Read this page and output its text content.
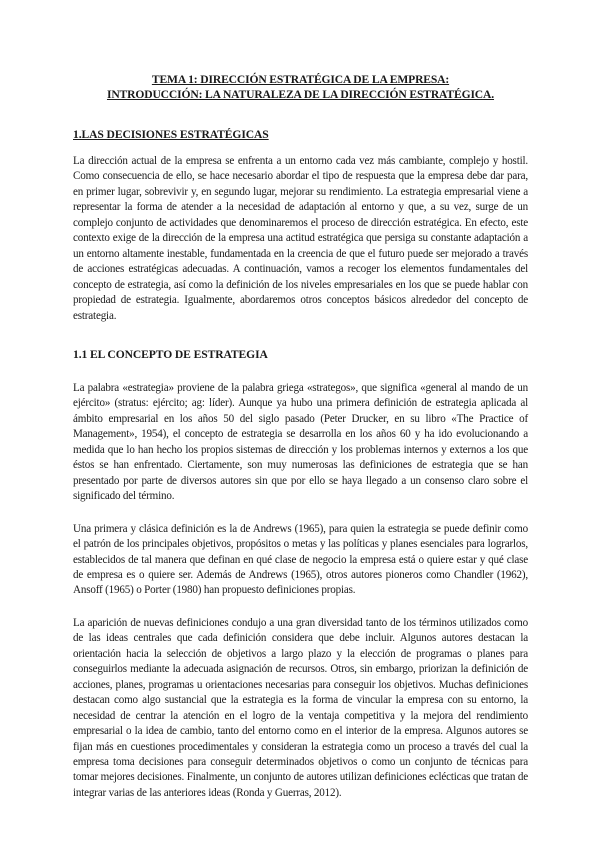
TEMA 1: DIRECCIÓN ESTRATÉGICA DE LA EMPRESA:
INTRODUCCIÓN: LA NATURALEZA DE LA DIRECCIÓN ESTRATÉGICA.
1.LAS DECISIONES ESTRATÉGICAS

La dirección actual de la empresa se enfrenta a un entorno cada vez más cambiante, complejo y hostil. Como consecuencia de ello, se hace necesario abordar el tipo de respuesta que la empresa debe dar para, en primer lugar, sobrevivir y, en segundo lugar, mejorar su rendimiento. La estrategia empresarial viene a representar la forma de atender a la necesidad de adaptación al entorno y que, a su vez, surge de un complejo conjunto de actividades que denominaremos el proceso de dirección estratégica. En efecto, este contexto exige de la dirección de la empresa una actitud estratégica que persiga su constante adaptación a un entorno altamente inestable, fundamentada en la creencia de que el futuro puede ser mejorado a través de acciones estratégicas adecuadas. A continuación, vamos a recoger los elementos fundamentales del concepto de estrategia, así como la definición de los niveles empresariales en los que se puede hablar con propiedad de estrategia. Igualmente, abordaremos otros conceptos básicos alrededor del concepto de estrategia.

1.1 EL CONCEPTO DE ESTRATEGIA

La palabra «estrategia» proviene de la palabra griega «strategos», que significa «general al mando de un ejército» (stratus: ejército; ag: líder). Aunque ya hubo una primera definición de estrategia aplicada al ámbito empresarial en los años 50 del siglo pasado (Peter Drucker, en su libro «The Practice of Management», 1954), el concepto de estrategia se desarrolla en los años 60 y ha ido evolucionando a medida que lo han hecho los propios sistemas de dirección y los problemas internos y externos a los que éstos se han enfrentado. Ciertamente, son muy numerosas las definiciones de estrategia que se han presentado por parte de diversos autores sin que por ello se haya llegado a un consenso claro sobre el significado del término.

Una primera y clásica definición es la de Andrews (1965), para quien la estrategia se puede definir como el patrón de los principales objetivos, propósitos o metas y las políticas y planes esenciales para lograrlos, establecidos de tal manera que definan en qué clase de negocio la empresa está o quiere estar y qué clase de empresa es o quiere ser. Además de Andrews (1965), otros autores pioneros como Chandler (1962), Ansoff (1965) o Porter (1980) han propuesto definiciones propias.

La aparición de nuevas definiciones condujo a una gran diversidad tanto de los términos utilizados como de las ideas centrales que cada definición considera que debe incluir. Algunos autores destacan la orientación hacia la selección de objetivos a largo plazo y la elección de programas o planes para conseguirlos mediante la adecuada asignación de recursos. Otros, sin embargo, priorizan la definición de acciones, planes, programas u orientaciones necesarias para conseguir los objetivos. Muchas definiciones destacan como algo sustancial que la estrategia es la forma de vincular la empresa con su entorno, la necesidad de centrar la atención en el logro de la ventaja competitiva y la mejora del rendimiento empresarial o la idea de cambio, tanto del entorno como en el interior de la empresa. Algunos autores se fijan más en cuestiones procedimentales y consideran la estrategia como un proceso a través del cual la empresa toma decisiones para conseguir determinados objetivos o como un conjunto de técnicas para tomar mejores decisiones. Finalmente, un conjunto de autores utilizan definiciones eclécticas que tratan de integrar varias de las anteriores ideas (Ronda y Guerras, 2012).
